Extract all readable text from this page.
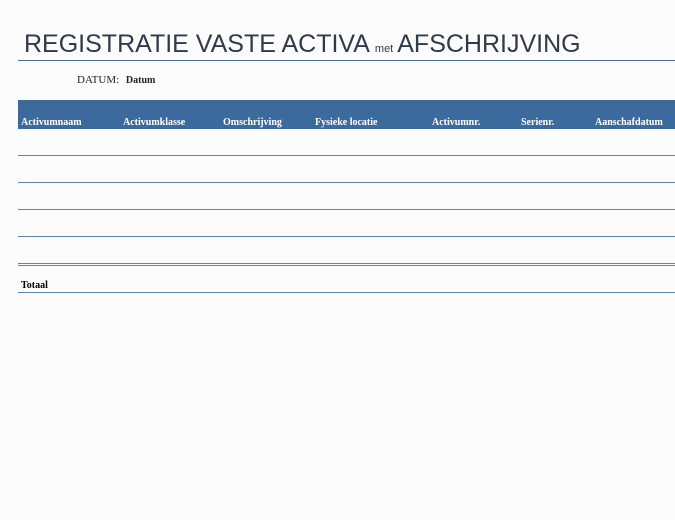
REGISTRATIE VASTE ACTIVA met AFSCHRIJVING
DATUM: Datum
Activumnaam	Activumklasse	Omschrijving	Fysieke locatie	Activumnr.	Serienr.	Aanschafdatum
Totaal
